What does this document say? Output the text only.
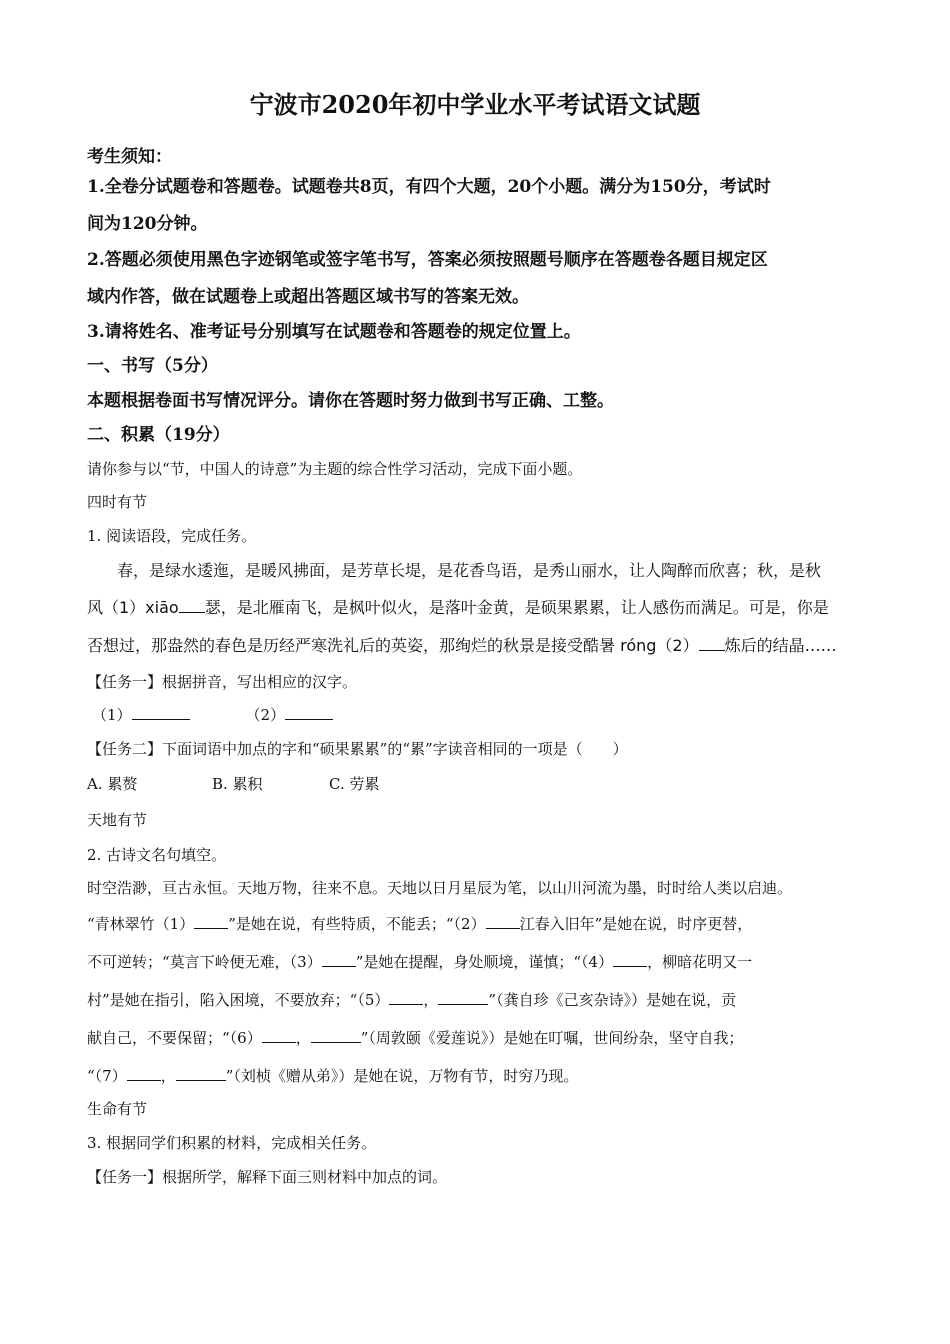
宁波市2020年初中学业水平考试语文试题
考生须知：
1.全卷分试题卷和答题卷。试题卷共8页，有四个大题，20个小题。满分为150分，考试时
间为120分钟。
2.答题必须使用黑色字迹钢笔或签字笔书写，答案必须按照题号顺序在答题卷各题目规定区
域内作答，做在试题卷上或超出答题区域书写的答案无效。
3.请将姓名、准考证号分别填写在试题卷和答题卷的规定位置上。
一、书写（5分）
本题根据卷面书写情况评分。请你在答题时努力做到书写正确、工整。
二、积累（19分）
请你参与以“节，中国人的诗意”为主题的综合性学习活动，完成下面小题。
四时有节
1. 阅读语段，完成任务。
春，是绿水逶迤，是暖风拂面，是芳草长堤，是花香鸟语，是秀山丽水，让人陶醉而欣喜；秋，是秋
风（1）xiāo 瑟，是北雁南飞，是枫叶似火，是落叶金黄，是硕果累累，让人感伤而满足。可是，你是
否想过，那盎然的春色是历经严寒洗礼后的英姿，那绚烂的秋景是接受酷暑 róng（2） 炼后的结晶……
【任务一】根据拼音，写出相应的汉字。
（1）	（2）
【任务二】下面词语中加点的字和“硕果累累”的“累”字读音相同的一项是（　　）
A. 累赘	B. 累积	C. 劳累
天地有节
2. 古诗文名句填空。
时空浩渺，亘古永恒。天地万物，往来不息。天地以日月星辰为笔，以山川河流为墨，时时给人类以启迪。
“青林翠竹（1） ”是她在说，有些特质，不能丢；“（2） 江春入旧年”是她在说，时序更替，
不可逆转；“莫言下岭便无难，（3） ”是她在提醒，身处顺境，谨慎；“（4） ，柳暗花明又一
村”是她在指引，陷入困境，不要放弃；“（5） ，	”（龚自珍《己亥杂诗》）是她在说，贡
献自己，不要保留；“（6） ，	”（周敦颐《爱莲说》）是她在叮嘱，世间纷杂，坚守自我；
“（7） ，	”（刘桢《赠从弟》）是她在说，万物有节，时穷乃现。
生命有节
3. 根据同学们积累的材料，完成相关任务。
【任务一】根据所学，解释下面三则材料中加点的词。
